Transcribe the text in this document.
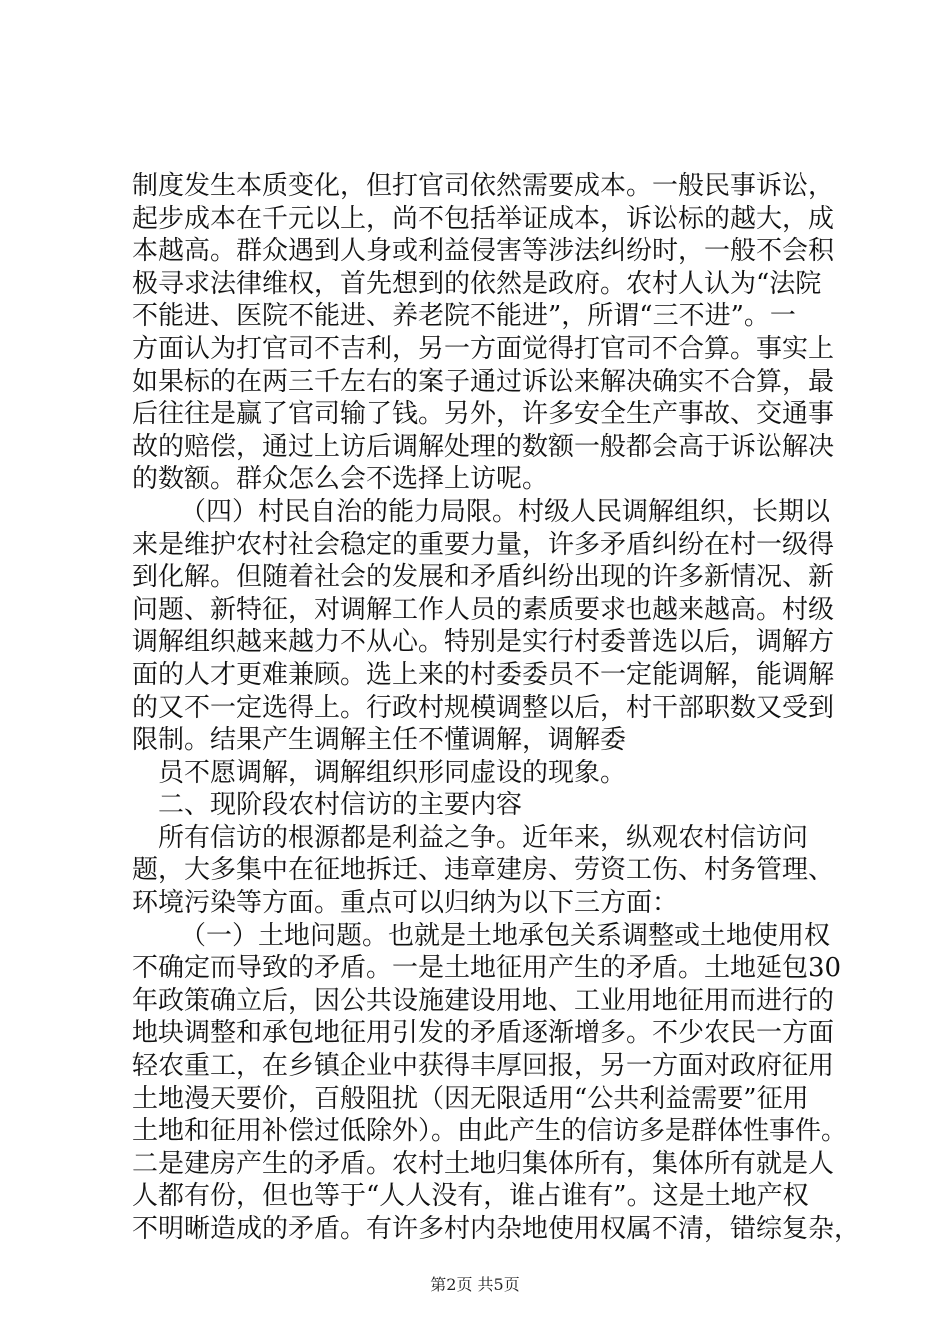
制度发生本质变化，但打官司依然需要成本。一般民事诉讼，
起步成本在千元以上，尚不包括举证成本，诉讼标的越大，成
本越高。群众遇到人身或利益侵害等涉法纠纷时，一般不会积
极寻求法律维权，首先想到的依然是政府。农村人认为“法院
不能进、医院不能进、养老院不能进”，所谓“三不进”。一
方面认为打官司不吉利，另一方面觉得打官司不合算。事实上
如果标的在两三千左右的案子通过诉讼来解决确实不合算，最
后往往是赢了官司输了钱。另外，许多安全生产事故、交通事
故的赔偿，通过上访后调解处理的数额一般都会高于诉讼解决
的数额。群众怎么会不选择上访呢。
（四）村民自治的能力局限。村级人民调解组织，长期以
来是维护农村社会稳定的重要力量，许多矛盾纠纷在村一级得
到化解。但随着社会的发展和矛盾纠纷出现的许多新情况、新
问题、新特征，对调解工作人员的素质要求也越来越高。村级
调解组织越来越力不从心。特别是实行村委普选以后，调解方
面的人才更难兼顾。选上来的村委委员不一定能调解，能调解
的又不一定选得上。行政村规模调整以后，村干部职数又受到
限制。结果产生调解主任不懂调解，调解委
员不愿调解，调解组织形同虚设的现象。
二、现阶段农村信访的主要内容
所有信访的根源都是利益之争。近年来，纵观农村信访问
题，大多集中在征地拆迁、违章建房、劳资工伤、村务管理、
环境污染等方面。重点可以归纳为以下三方面：
（一）土地问题。也就是土地承包关系调整或土地使用权
不确定而导致的矛盾。一是土地征用产生的矛盾。土地延包30
年政策确立后，因公共设施建设用地、工业用地征用而进行的
地块调整和承包地征用引发的矛盾逐渐增多。不少农民一方面
轻农重工，在乡镇企业中获得丰厚回报，另一方面对政府征用
土地漫天要价，百般阻扰（因无限适用“公共利益需要”征用
土地和征用补偿过低除外）。由此产生的信访多是群体性事件。
二是建房产生的矛盾。农村土地归集体所有，集体所有就是人
人都有份，但也等于“人人没有，谁占谁有”。这是土地产权
不明晰造成的矛盾。有许多村内杂地使用权属不清，错综复杂，
第2页 共5页
